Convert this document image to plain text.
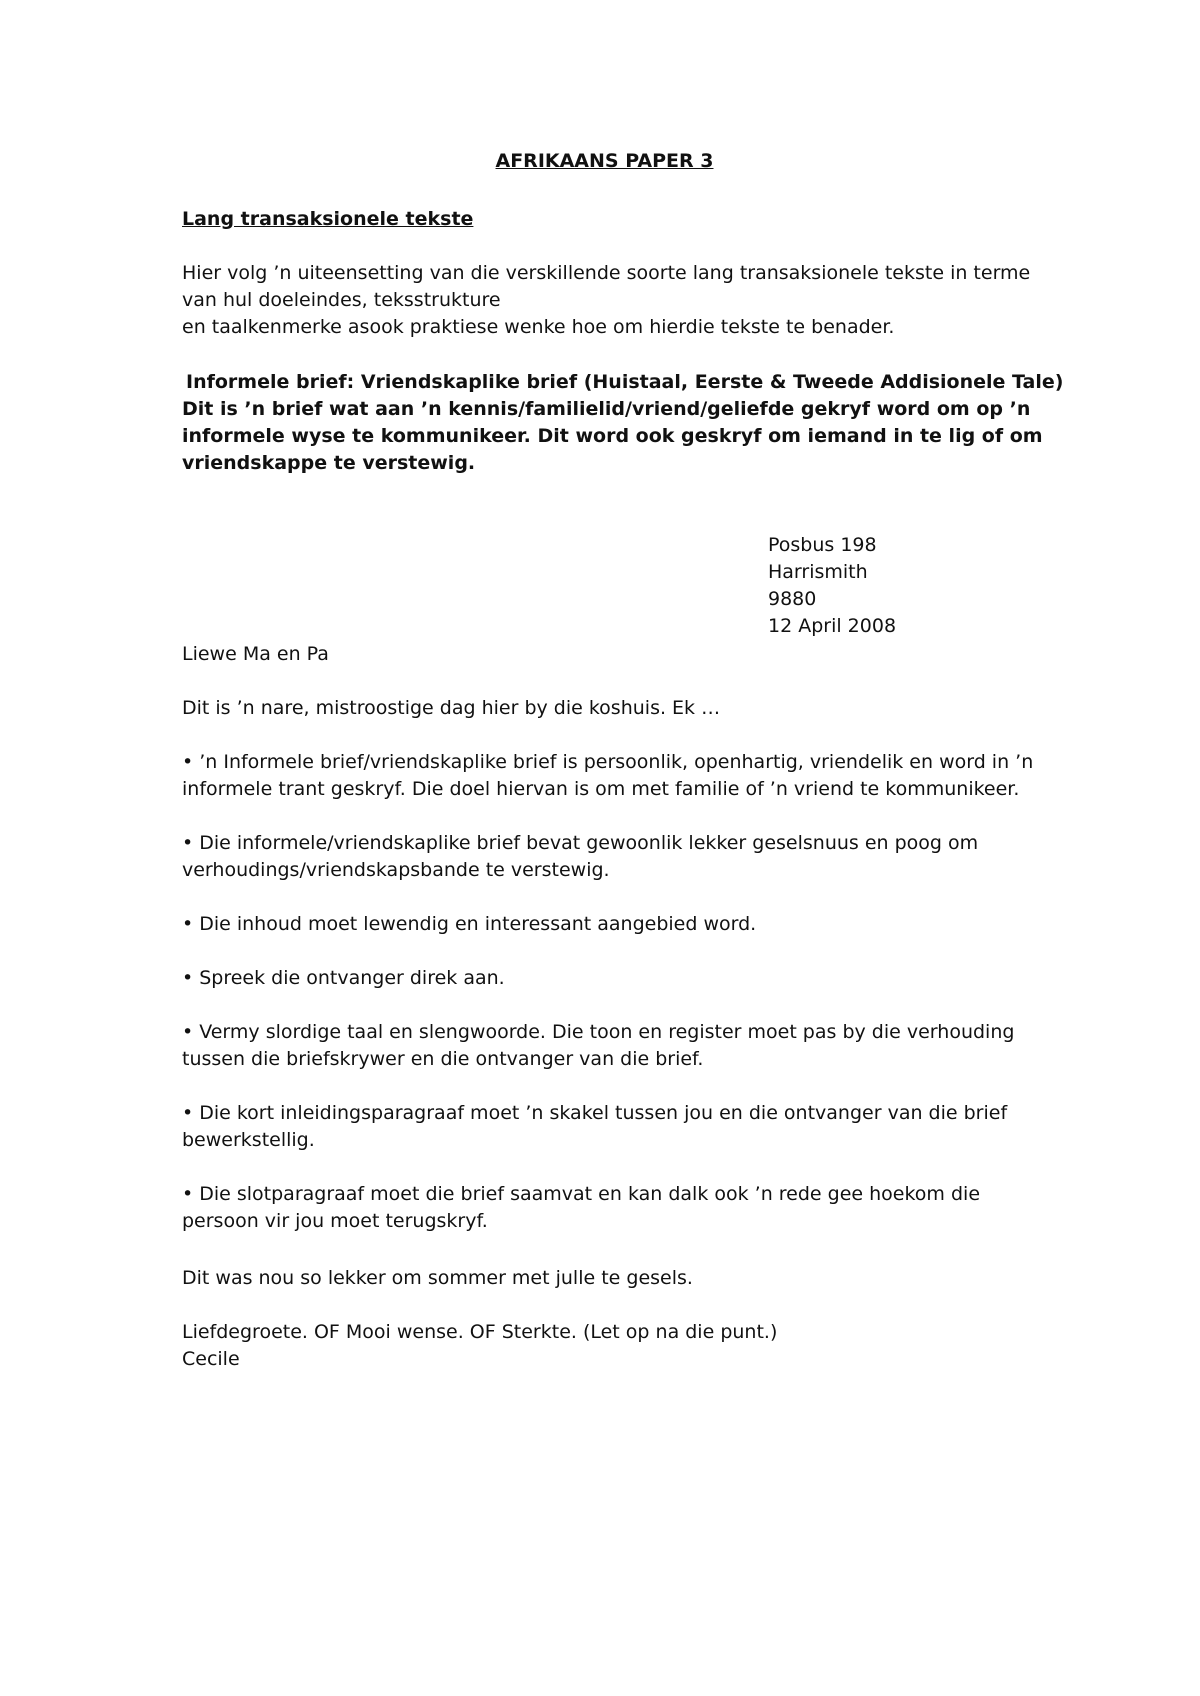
AFRIKAANS PAPER 3

Lang transaksionele tekste

Hier volg ’n uiteensetting van die verskillende soorte lang transaksionele tekste in terme van hul doeleindes, teksstrukture

en taalkenmerke asook praktiese wenke hoe om hierdie tekste te benader.

Informele brief: Vriendskaplike brief (Huistaal, Eerste & Tweede Addisionele Tale)

Dit is ’n brief wat aan ’n kennis/familielid/vriend/geliefde gekryf word om op ’n informele wyse te kommunikeer. Dit word ook geskryf om iemand in te lig of om vriendskappe te verstewig.

Posbus 198
Harrismith
9880
12 April 2008

Liewe Ma en Pa

Dit is ’n nare, mistroostige dag hier by die koshuis. Ek …

• ’n Informele brief/vriendskaplike brief is persoonlik, openhartig, vriendelik en word in ’n informele trant geskryf. Die doel hiervan is om met familie of ’n vriend te kommunikeer.
• Die informele/vriendskaplike brief bevat gewoonlik lekker geselsnuus en poog om verhoudings/vriendskapsbande te verstewig.
• Die inhoud moet lewendig en interessant aangebied word.
• Spreek die ontvanger direk aan.
• Vermy slordige taal en slengwoorde. Die toon en register moet pas by die verhouding tussen die briefskrywer en die ontvanger van die brief.
• Die kort inleidingsparagraaf moet ’n skakel tussen jou en die ontvanger van die brief bewerkstellig.
• Die slotparagraaf moet die brief saamvat en kan dalk ook ’n rede gee hoekom die persoon vir jou moet terugskryf.

Dit was nou so lekker om sommer met julle te gesels.

Liefdegroete. OF Mooi wense. OF Sterkte. (Let op na die punt.)

Cecile
